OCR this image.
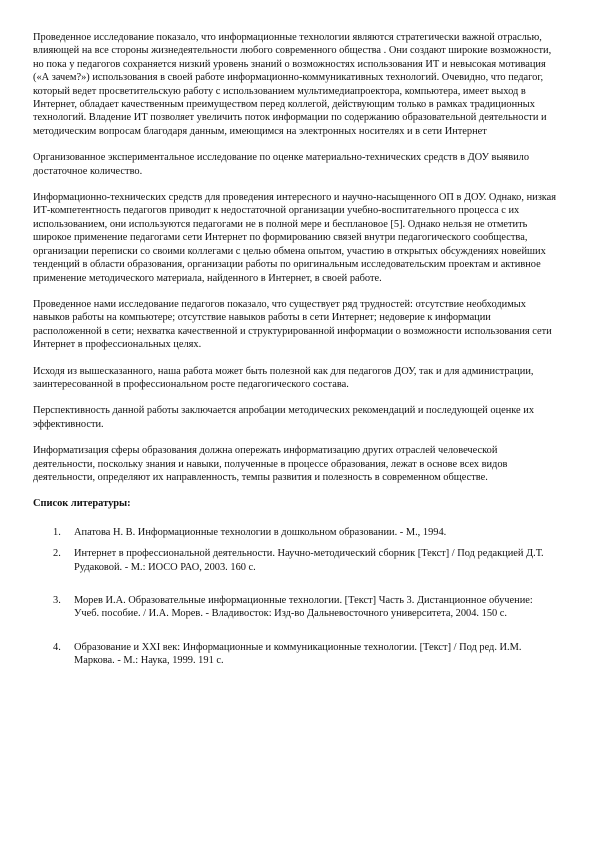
Проведенное исследование показало, что информационные технологии являются стратегически важной отраслью, влияющей на все стороны жизнедеятельности любого современного общества . Они создают широкие возможности, но пока у педагогов сохраняется низкий уровень знаний о возможностях использования ИТ и невысокая мотивация («А зачем?») использования в своей работе информационно-коммуникативных технологий. Очевидно, что педагог, который ведет просветительскую работу с использованием мультимедиапроектора, компьютера, имеет выход в Интернет, обладает качественным преимуществом перед коллегой, действующим только в рамках традиционных технологий. Владение ИТ позволяет увеличить поток информации по содержанию образовательной деятельности и методическим вопросам благодаря данным, имеющимся на электронных носителях и в сети Интернет

Организованное экспериментальное исследование по оценке материально-технических средств в ДОУ выявило достаточное количество.

Информационно-технических средств для проведения интересного и научно-насыщенного ОП в ДОУ. Однако, низкая ИТ-компетентность педагогов приводит к недостаточной организации учебно-воспитательного процесса с их использованием, они используются педагогами не в полной мере и бесплановое [5]. Однако нельзя не отметить широкое применение педагогами сети Интернет по формированию связей внутри педагогического сообщества, организации переписки со своими коллегами с целью обмена опытом, участию в открытых обсуждениях новейших тенденций в области образования, организации работы по оригинальным исследовательским проектам и активное применение методического материала, найденного в Интернет, в своей работе.

Проведенное нами исследование педагогов показало, что существует ряд трудностей: отсутствие необходимых навыков работы на компьютере; отсутствие навыков работы в сети Интернет; недоверие к информации расположенной в сети; нехватка качественной и структурированной информации о возможности использования сети Интернет в профессиональных целях.

Исходя из вышесказанного, наша работа может быть полезной как для педагогов ДОУ, так и для администрации, заинтересованной в профессиональном росте педагогического состава.

Перспективность данной работы заключается апробации методических рекомендаций и последующей оценке их эффективности.

Информатизация сферы образования должна опережать информатизацию других отраслей человеческой деятельности, поскольку знания и навыки, полученные в процессе образования, лежат в основе всех видов деятельности, определяют их направленность, темпы развития и полезность в современном обществе.

Список литературы:
1.	Апатова Н. В. Информационные технологии в дошкольном образовании. - М., 1994.
2.	Интернет в профессиональной деятельности. Научно-методический сборник [Текст] / Под редакцией Д.Т. Рудаковой. - М.: ИОСО РАО, 2003. 160 с.
3.	Морев И.А. Образовательные информационные технологии. [Текст] Часть 3. Дистанционное обучение: Учеб. пособие. / И.А. Морев. - Владивосток: Изд-во Дальневосточного университета, 2004. 150 с.
4.	Образование и XXI век: Информационные и коммуникационные технологии. [Текст] / Под ред. И.М. Маркова. - М.: Наука, 1999. 191 с.
